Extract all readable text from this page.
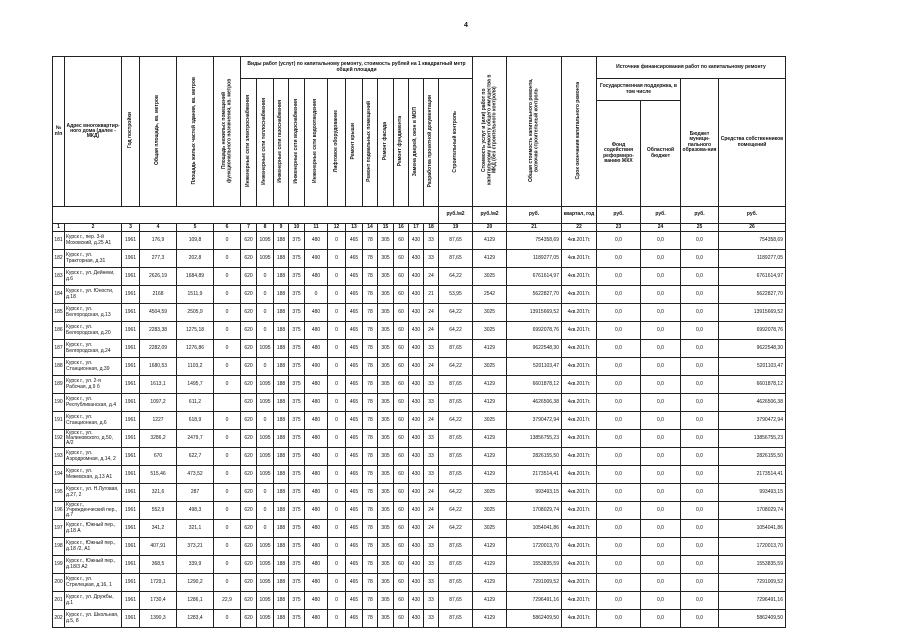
4
№ п/п	Адрес многоквартир-ного дома (далее - МКД)	Год постройки	Общая площадь, кв. метров	Площадь жилых частей здания, кв. метров	Площадь нежилых помещений функционального назначения, кв. метров	Виды работ (услуг) по капитальному ремонту, стоимость рублей на 1 квадратный метр общей площади													Стоимость услуг и (или) работ по капитальному ремонту общего имущества в МКД (без строительного контроля)	Общая стоимость капитального ремонта, включая строительный контроль	Срок окончания капитального ремонта	Источник финансирования работ по капитальному ремонту			
						Инженерные сети электроснабжения	Инженерные сети теплоснабжения	Инженерные сети газоснабжения	Инженерные сети водоснабжения	Инженерные сети водоотведения	Лифтовое оборудование	Ремонт крыши	Ремонт подвальных помещений	Ремонт фасада	Ремонт фундамента	Замена дверей, окон в МОП	Разработка проектной документации	Строительный контроль				Государственная поддержка, в том числе		Бюджет муници-пального образова-ния	Средства собственников помещений
																						Фонд содействия реформиро-ванию ЖКХ	Областной бюджет		
																		руб./м2	руб./м2	руб.	квартал, год	руб.	руб.	руб.	руб.
1	2	3	4	5	6	7	8	9	10	11	12	13	14	15	16	17	18	19	20	21	22	23	24	25	26
181	Курск г., пер. 3-й Моховский, д.25 А1	1961	176,9	109,8	0	620	1095	188	375	480	0	465	78	305	60	430	33	87,65	4129	754358,69	4кв.2017г.	0,0	0,0	0,0	754358,69
182	Курск г., ул. Тракторная, д.31	1961	277,3	202,8	0	620	1095	188	375	490	0	465	78	305	60	430	33	87,65	4129	1189277,05	4кв.2017г.	0,0	0,0	0,0	1189277,05
183	Курск г., ул. Дейнеки, д.6	1961	2626,19	1684,89	0	620	0	188	375	480	0	465	78	305	60	430	24	64,22	3025	6761614,97	4кв.2017г.	0,0	0,0	0,0	6761614,97
184	Курск г., ул. Юности, д.18	1961	2168	1511,9	0	620	0	188	375	0	0	465	78	305	60	430	21	53,95	2542	5622827,70	4кв.2017г.	0,0	0,0	0,0	5622827,70
185	Курск г., ул. Белгородская, д.13	1961	4504,59	2505,9	0	620	0	188	375	480	0	465	78	305	60	430	24	64,22	3025	13915669,52	4кв.2017г.	0,0	0,0	0,0	13915669,52
186	Курск г., ул. Белгородская, д.20	1961	2283,38	1275,18	0	620	0	188	375	480	0	465	78	305	60	430	24	64,22	3025	6992078,76	4кв.2017г.	0,0	0,0	0,0	6992078,76
187	Курск г., ул. Белгородская, д.24	1961	2282,09	1276,86	0	620	1095	188	375	480	0	465	78	305	60	430	33	87,65	4129	9622548,30	4кв.2017г.	0,0	0,0	0,0	9622548,30
188	Курск г., ул. Станционная, д.39	1961	1680,53	1103,2	0	620	0	188	375	490	0	465	78	305	60	430	24	64,22	3025	5201103,47	4кв.2017г.	0,0	0,0	0,0	5201103,47
189	Курск г., ул. 2-я Рабочая, д.9 б	1961	1613,1	1495,7	0	620	1095	188	375	480	0	465	78	305	60	430	33	87,65	4129	6601878,12	4кв.2017г.	0,0	0,0	0,0	6601878,12
190	Курск г., ул. Республиканская, д.4	1961	1097,2	611,2		620	1095	188	375	480	0	465	78	305	60	430	33	87,65	4129	4626506,38	4кв.2017г.	0,0	0,0	0,0	4626506,38
191	Курск г., ул. Станционная, д.6	1961	1227	618,9	0	620	0	188	375	480	0	465	78	305	60	430	24	64,22	3025	3790472,94	4кв.2017г.	0,0	0,0	0,0	3790472,94
192	Курск г., ул. Малиновского, д.50, А/2	1961	3286,2	2479,7	0	620	1095	188	375	480	0	465	78	305	60	430	33	87,65	4129	13856755,23	4кв.2017г.	0,0	0,0	0,0	13856755,23
193	Курск г., ул. Аэродромная, д.14, 2	1961	670	622,7	0	620	1095	188	375	480	0	465	78	305	60	430	33	87,65	4129	2826155,50	4кв.2017г.	0,0	0,0	0,0	2826155,50
194	Курск г., ул. Межевская, д.13 А1	1961	515,46	473,52	0	620	1095	188	375	480	0	465	78	305	60	430	33	87,65	4129	2173514,41	4кв.2017г.	0,0	0,0	0,0	2173514,41
195	Курск г., ул. Н.Луговая, д.27, 2	1961	321,6	287	0	620	0	188	375	480	0	465	78	305	60	430	24	64,22	3025	993493,15	4кв.2017г.	0,0	0,0	0,0	993493,15
196	Курск г., Учрежденческий пер., д.7	1961	552,9	498,3	0	620	0	188	375	480	0	465	78	305	60	430	24	64,22	3025	1708029,74	4кв.2017г.	0,0	0,0	0,0	1708029,74
197	Курск г., Южный пер., д.18 А	1961	341,2	321,1	0	620	0	188	375	480	0	465	78	305	60	430	24	64,22	3025	1054041,86	4кв.2017г.	0,0	0,0	0,0	1054041,86
198	Курск г., Южный пер., д.18 /2, А1	1961	407,91	373,21	0	620	1095	188	375	480	0	465	78	305	60	430	33	87,65	4129	1720013,70	4кв.2017г.	0,0	0,0	0,0	1720013,70
199	Курск г., Южный пер., д.18/3 А2	1961	368,5	339,9	0	620	1095	188	375	480	0	465	78	305	60	430	33	87,65	4129	1553835,59	4кв.2017г.	0,0	0,0	0,0	1553835,59
200	Курск г., ул. Стрелецкая, д.16, 1	1961	1729,1	1290,2	0	620	1095	188	375	480	0	465	78	305	60	430	33	87,65	4129	7291009,52	4кв.2017г.	0,0	0,0	0,0	7291009,52
201	Курск г., ул. Дружбы, д.1	1961	1730,4	1286,1	22,9	620	1095	188	375	480	0	465	78	305	60	430	33	87,65	4129	7296491,16	4кв.2017г.	0,0	0,0	0,0	7296491,16
202	Курск г., ул. Школьная, д.5, 8	1961	1390,3	1283,4	0	620	1095	188	375	480	0	465	78	305	60	430	33	87,65	4129	5862409,50	4кв.2017г.	0,0	0,0	0,0	5862409,50
